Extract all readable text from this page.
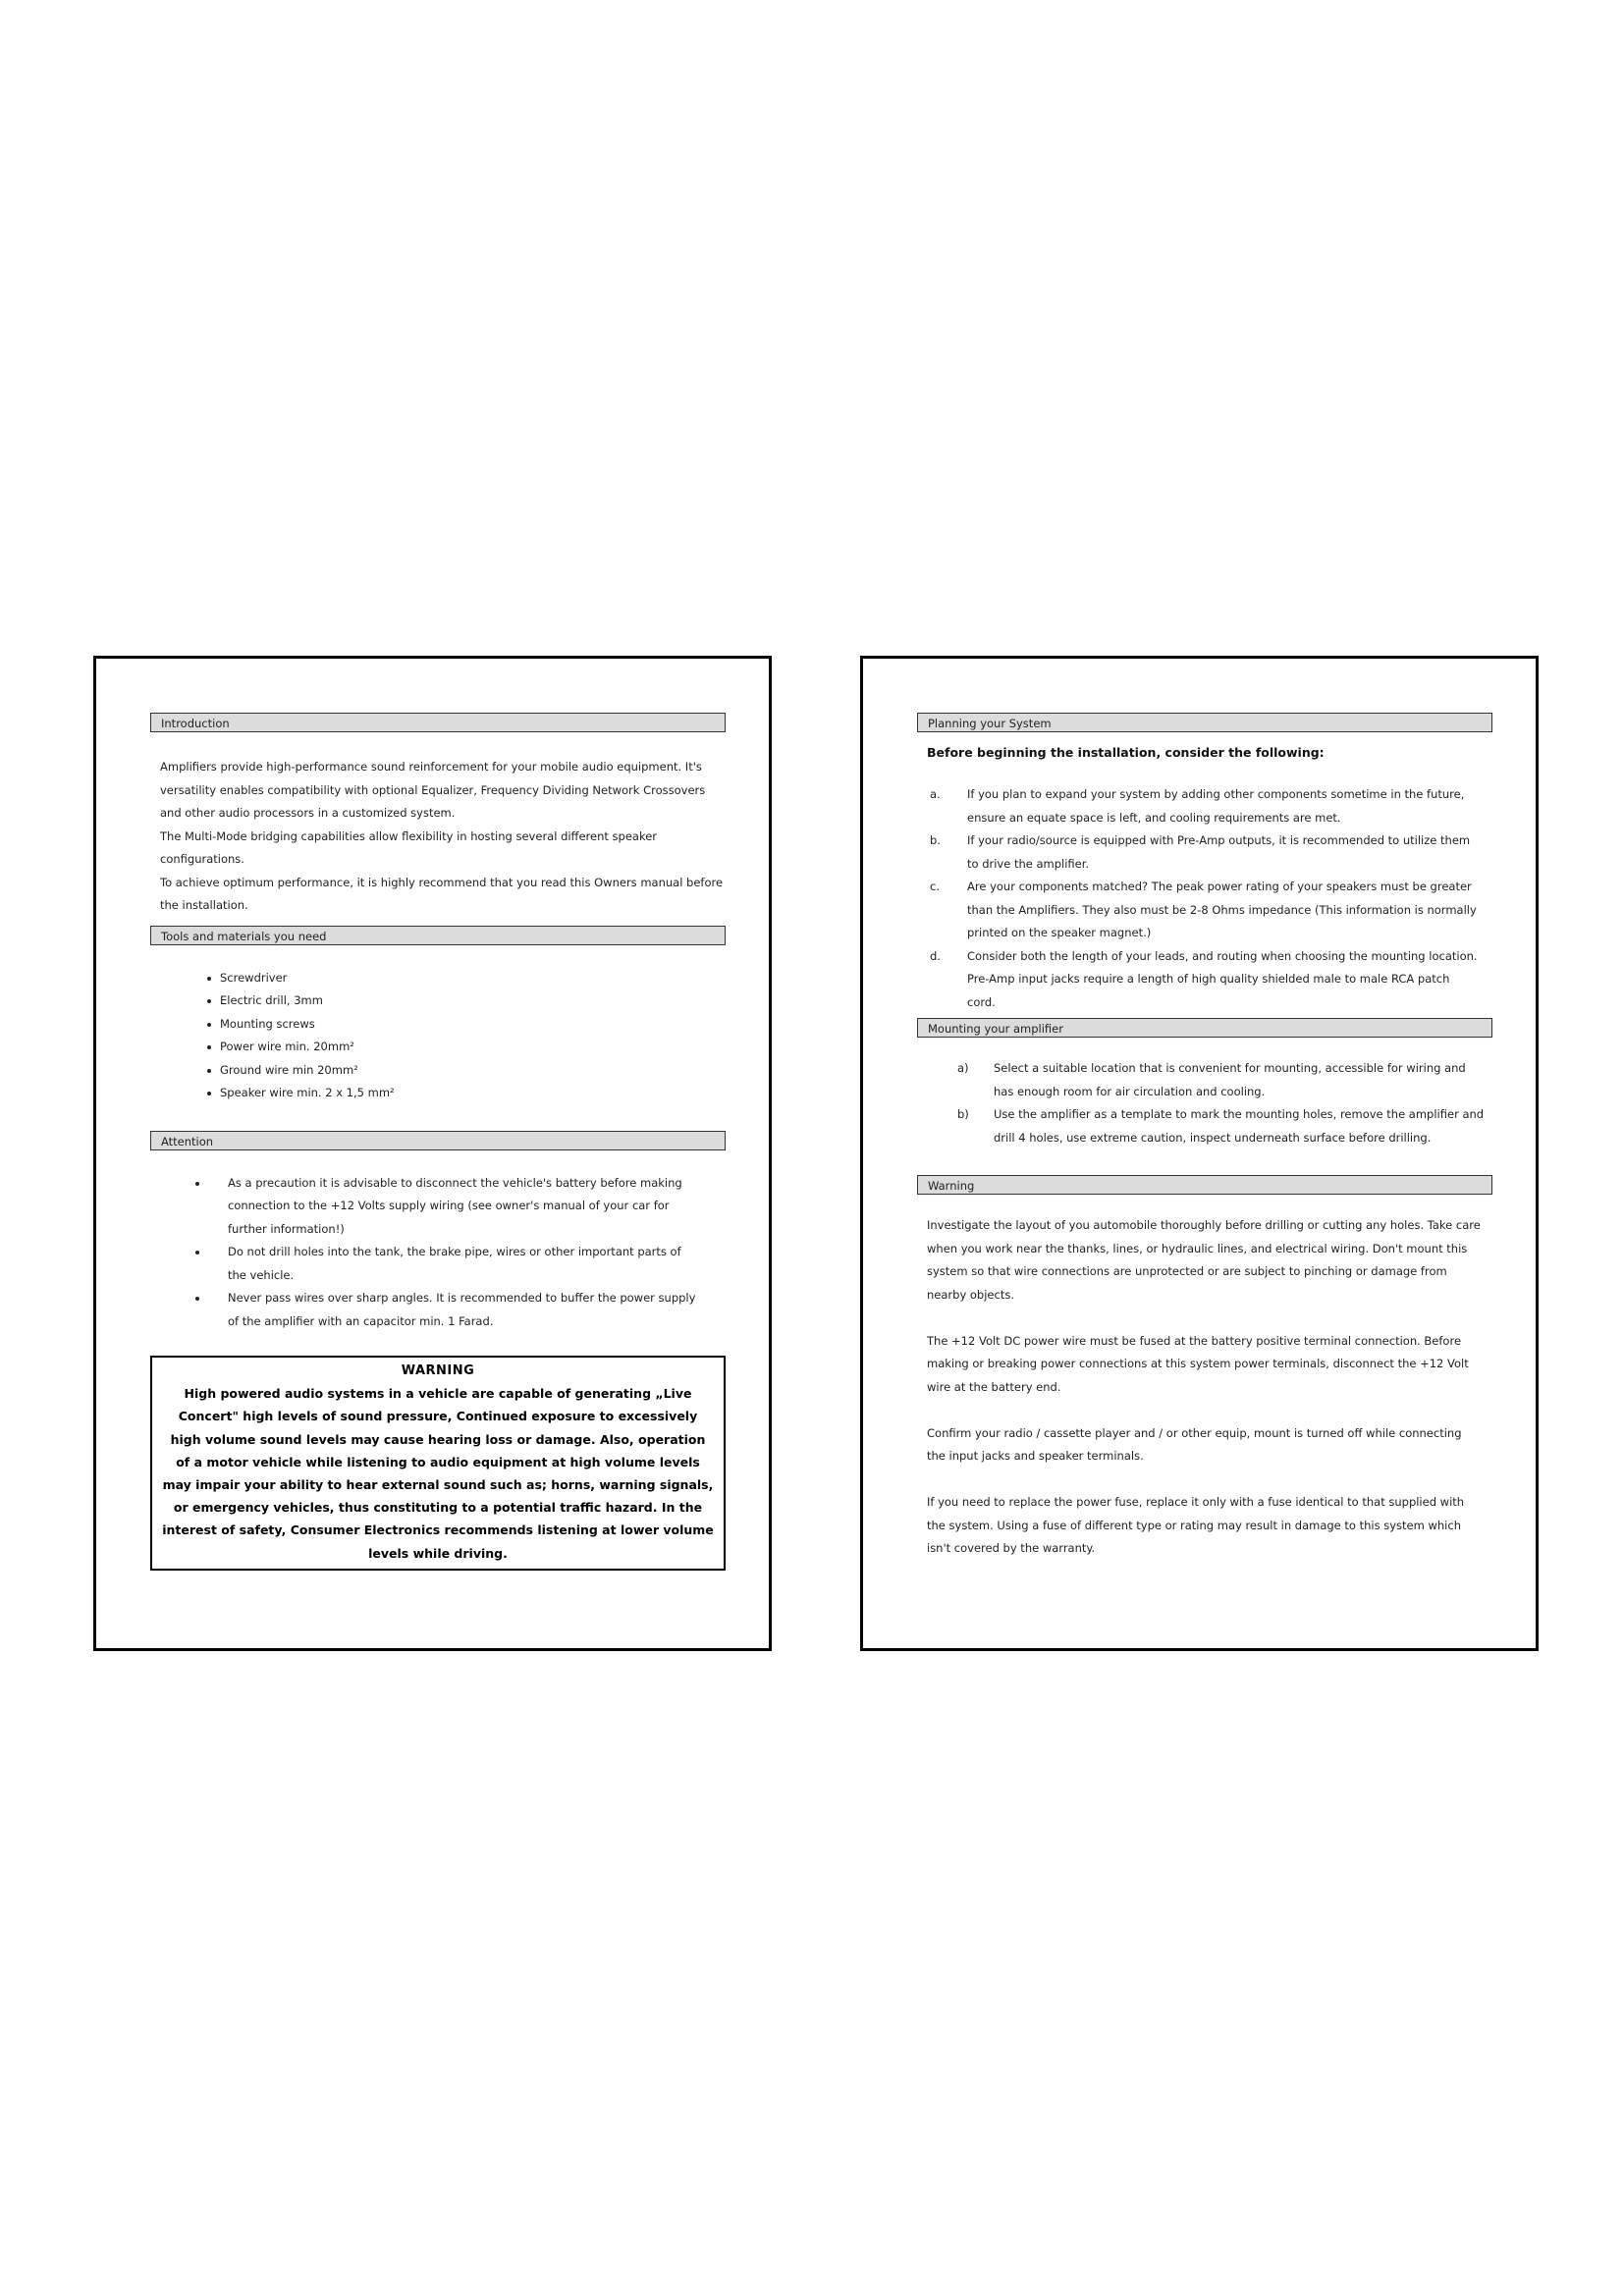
Introduction

Amplifiers provide high-performance sound reinforcement for your mobile audio equipment. It's versatility enables compatibility with optional Equalizer, Frequency Dividing Network Crossovers and other audio processors in a customized system.

The Multi-Mode bridging capabilities allow flexibility in hosting several different speaker configurations.

To achieve optimum performance, it is highly recommend that you read this Owners manual before the installation.

Tools and materials you need
Screwdriver
Electric drill, 3mm
Mounting screws
Power wire min. 20mm²
Ground wire min 20mm²
Speaker wire min. 2 x 1,5 mm²
Attention
As a precaution it is advisable to disconnect the vehicle's battery before making connection to the +12 Volts supply wiring (see owner's manual of your car for further information!)
Do not drill holes into the tank, the brake pipe, wires or other important parts of the vehicle.
Never pass wires over sharp angles. It is recommended to buffer the power supply of the amplifier with an capacitor min. 1 Farad.
WARNING
High powered audio systems in a vehicle are capable of generating „Live Concert" high levels of sound pressure, Continued exposure to excessively high volume sound levels may cause hearing loss or damage. Also, operation of a motor vehicle while listening to audio equipment at high volume levels may impair your ability to hear external sound such as; horns, warning signals, or emergency vehicles, thus constituting to a potential traffic hazard. In the interest of safety, Consumer Electronics recommends listening at lower volume levels while driving.
Planning your System
Before beginning the installation, consider the following:
a. If you plan to expand your system by adding other components sometime in the future, ensure an equate space is left, and cooling requirements are met.
b. If your radio/source is equipped with Pre-Amp outputs, it is recommended to utilize them to drive the amplifier.
c. Are your components matched? The peak power rating of your speakers must be greater than the Amplifiers. They also must be 2-8 Ohms impedance (This information is normally printed on the speaker magnet.)
d. Consider both the length of your leads, and routing when choosing the mounting location. Pre-Amp input jacks require a length of high quality shielded male to male RCA patch cord.
Mounting your amplifier
a) Select a suitable location that is convenient for mounting, accessible for wiring and has enough room for air circulation and cooling.
b) Use the amplifier as a template to mark the mounting holes, remove the amplifier and drill 4 holes, use extreme caution, inspect underneath surface before drilling.
Warning

Investigate the layout of you automobile thoroughly before drilling or cutting any holes. Take care when you work near the thanks, lines, or hydraulic lines, and electrical wiring. Don't mount this system so that wire connections are unprotected or are subject to pinching or damage from nearby objects.

The +12 Volt DC power wire must be fused at the battery positive terminal connection. Before making or breaking power connections at this system power terminals, disconnect the +12 Volt wire at the battery end.

Confirm your radio / cassette player and / or other equip, mount is turned off while connecting the input jacks and speaker terminals.

If you need to replace the power fuse, replace it only with a fuse identical to that supplied with the system. Using a fuse of different type or rating may result in damage to this system which isn't covered by the warranty.
